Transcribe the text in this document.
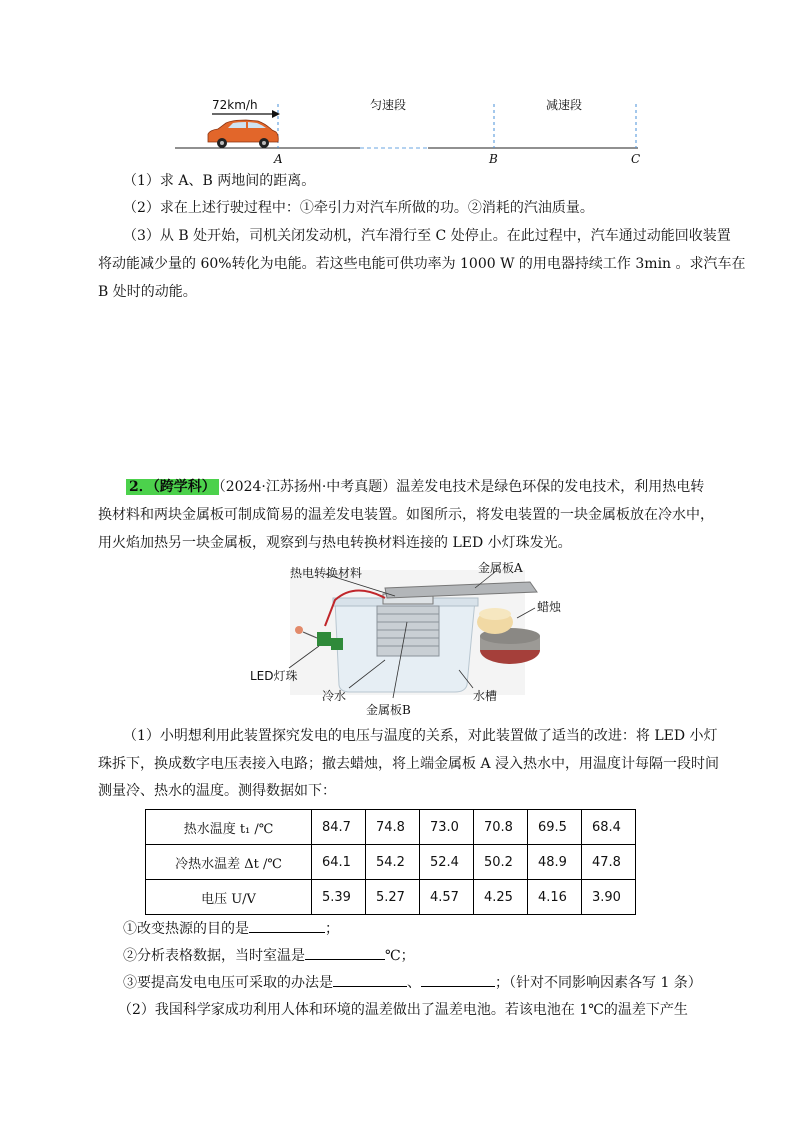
72km/h	匀速段	减速段
A	B	C
（1）求 A、B 两地间的距离。
（2）求在上述行驶过程中：①牵引力对汽车所做的功。②消耗的汽油质量。
（3）从 B 处开始，司机关闭发动机，汽车滑行至 C 处停止。在此过程中，汽车通过动能回收装置
将动能减少量的 60%转化为电能。若这些电能可供功率为 1000 W 的用电器持续工作 3min 。求汽车在
B 处时的动能。
2．（跨学科） （2024·江苏扬州·中考真题）温差发电技术是绿色环保的发电技术，利用热电转
换材料和两块金属板可制成简易的温差发电装置。如图所示，将发电装置的一块金属板放在冷水中，
用火焰加热另一块金属板，观察到与热电转换材料连接的 LED 小灯珠发光。
热电转换材料	金属板A
蜡烛
LED灯珠
冷水
金属板B
水槽
（1）小明想利用此装置探究发电的电压与温度的关系，对此装置做了适当的改进：将 LED 小灯
珠拆下，换成数字电压表接入电路；撤去蜡烛，将上端金属板 A 浸入热水中，用温度计每隔一段时间
测量冷、热水的温度。测得数据如下：
热水温度 t₁ /℃	84.7	74.8	73.0	70.8	69.5	68.4
冷热水温差 Δt /℃	64.1	54.2	52.4	50.2	48.9	47.8
电压 U/V	5.39	5.27	4.57	4.25	4.16	3.90
①改变热源的目的是	；
②分析表格数据，当时室温是	℃；
③要提高发电电压可采取的办法是	、	；（针对不同影响因素各写 1 条）
（2）我国科学家成功利用人体和环境的温差做出了温差电池。若该电池在 1℃的温差下产生
